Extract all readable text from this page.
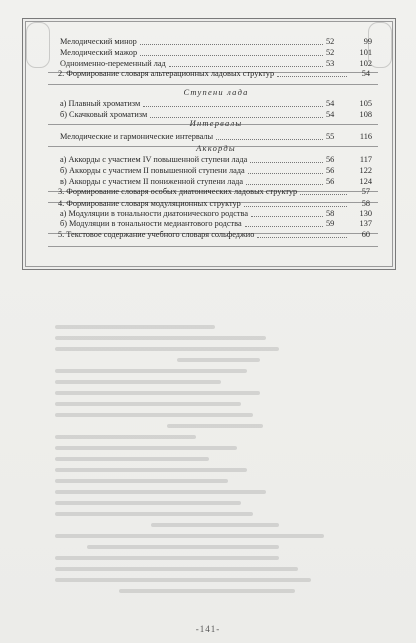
Мелодический минор	52	99
Мелодический мажор	52	101
Одноименно-переменный лад	53	102
2. Формирование словаря альтерационных ладовых структур	54
Ступени лада
а) Плавный хроматизм	54	105
б) Скачковый хроматизм	54	108
Интервалы
Мелодические и гармонические интервалы	55	116
Аккорды
а) Аккорды с участием IV повышенной ступени лада	56	117
б) Аккорды с участием II повышенной ступени лада	56	122
в) Аккорды с участием II пониженной ступени лада	56	124
3. Формирование словаря особых диатонических ладовых структур	57
4. Формирование словаря модуляционных структур	58
а) Модуляции в тональности диатонического родства	58	130
б) Модуляции в тональности медиантового родства	59	137
5. Текстовое содержание учебного словаря сольфеджио	60
-141-
